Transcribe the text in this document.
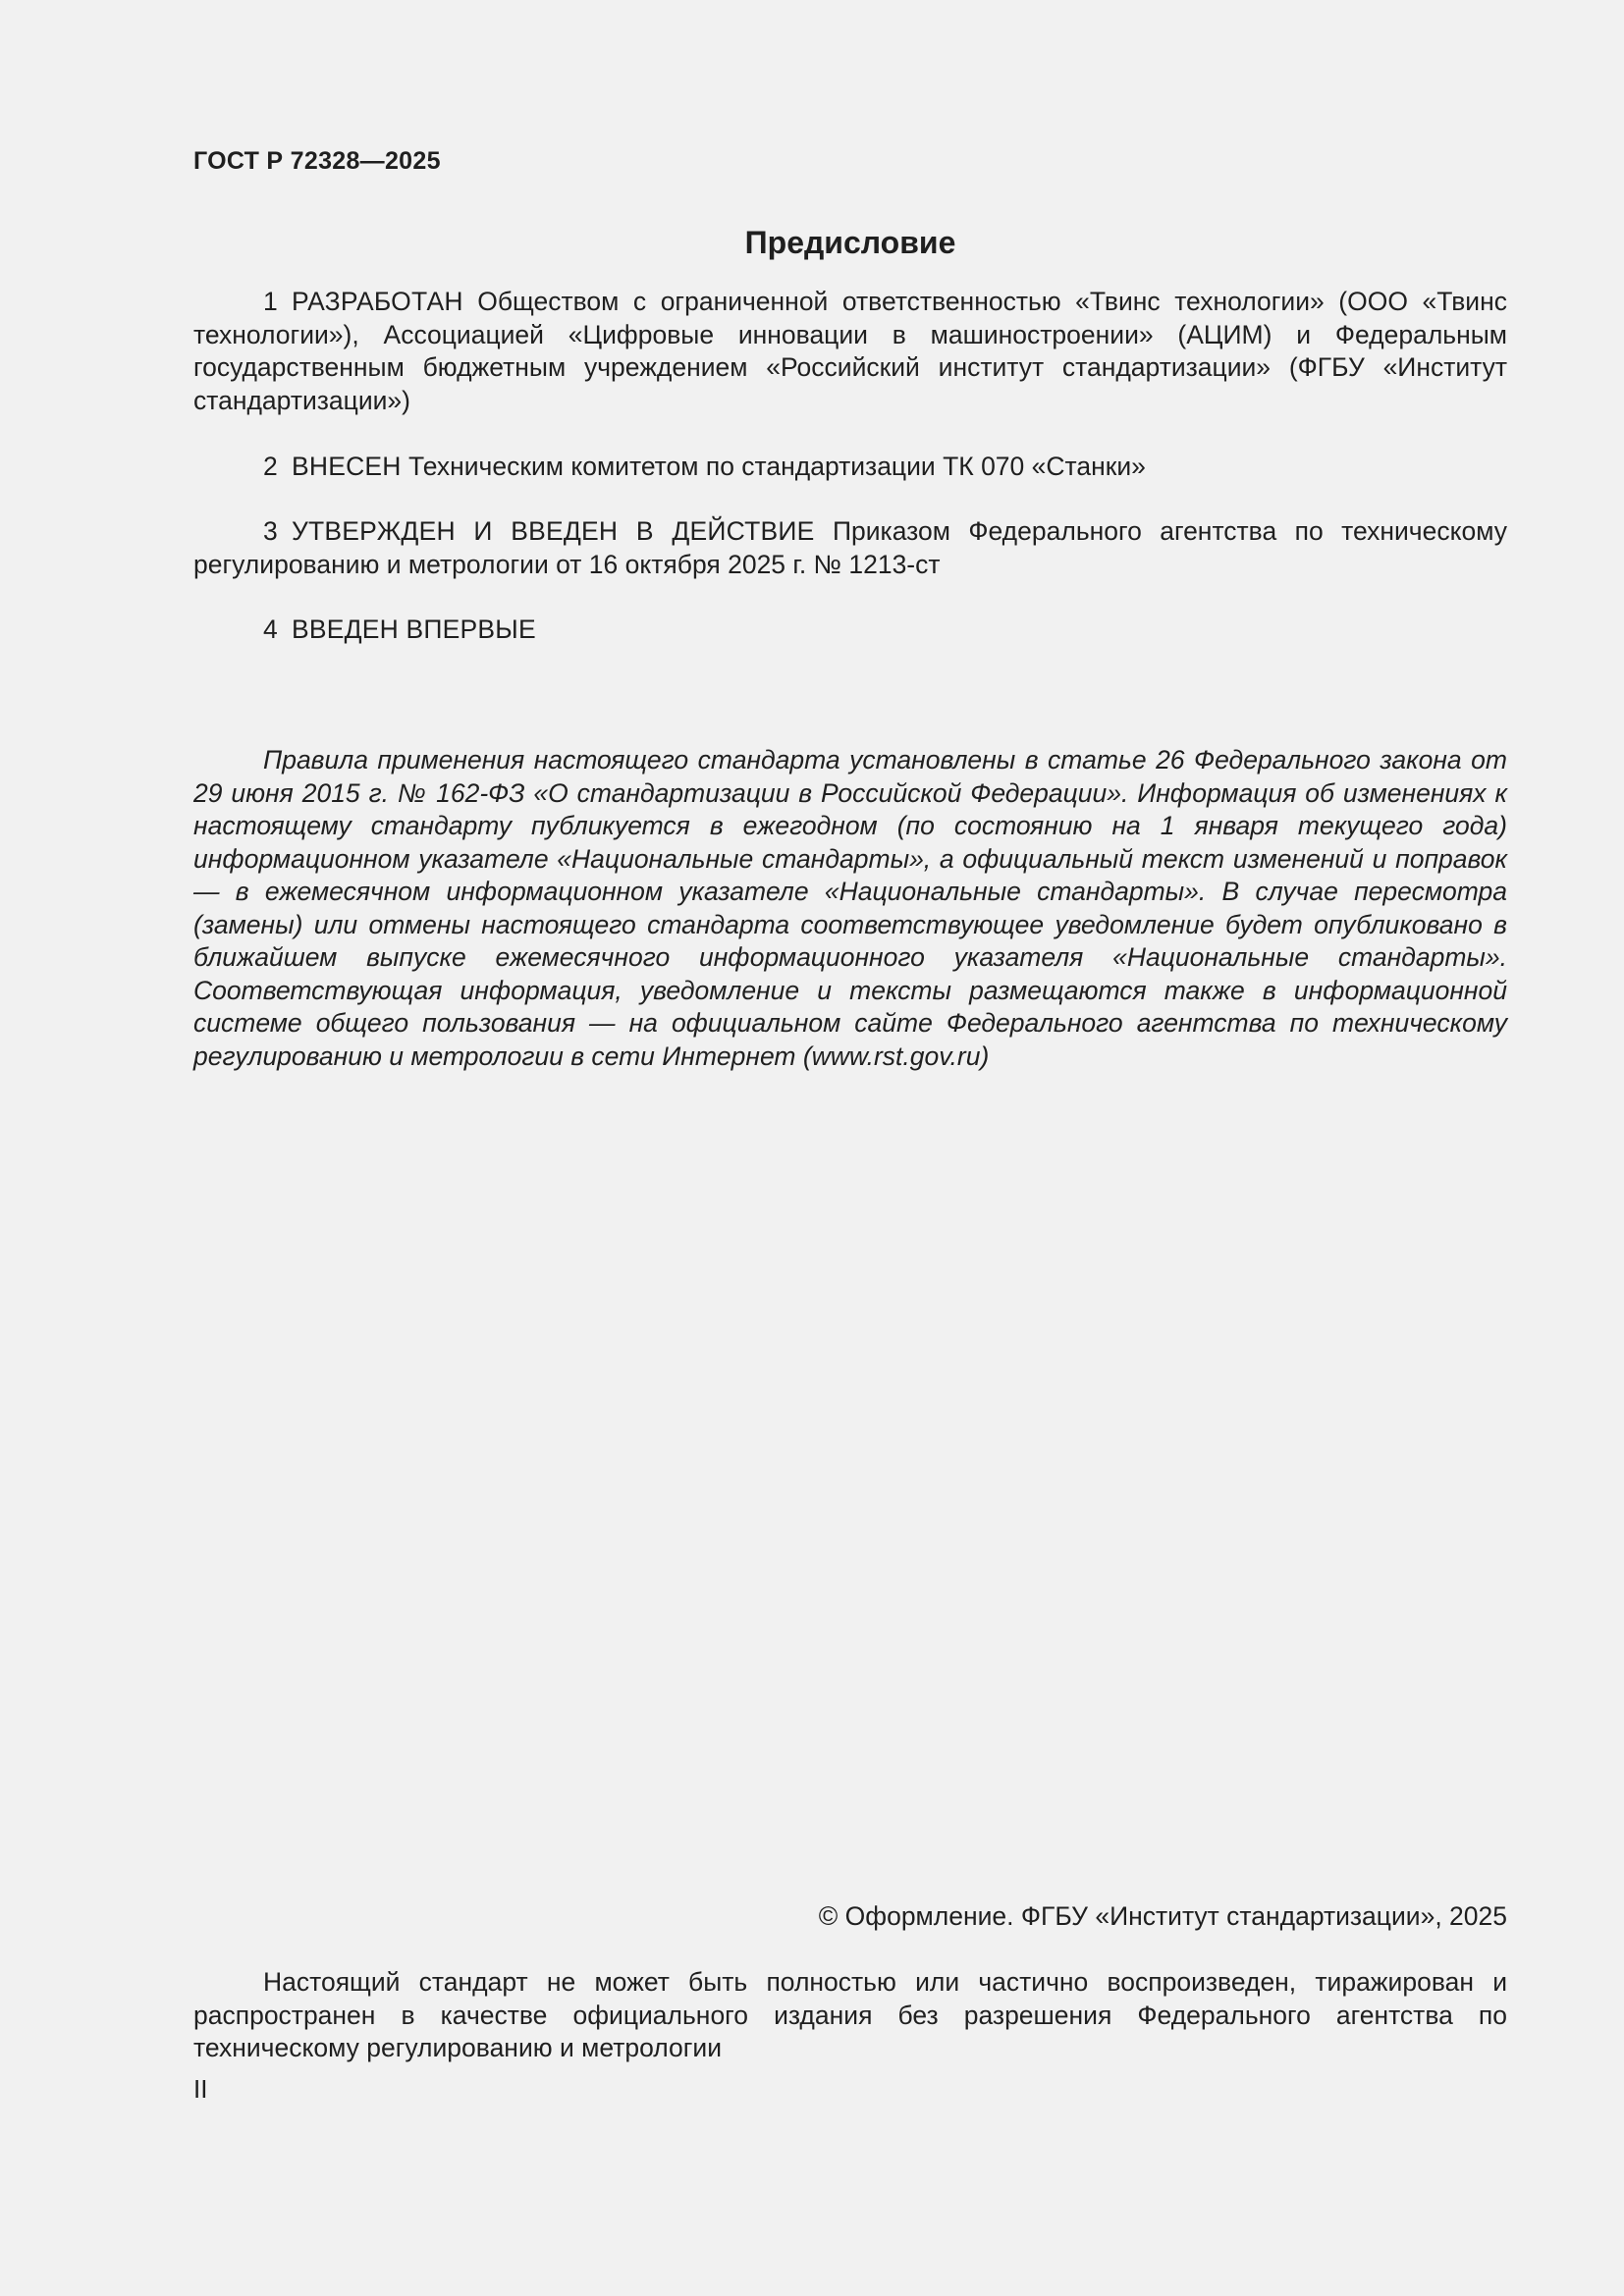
ГОСТ Р 72328—2025
Предисловие

1 РАЗРАБОТАН Обществом с ограниченной ответственностью «Твинс технологии» (ООО «Твинс технологии»), Ассоциацией «Цифровые инновации в машиностроении» (АЦИМ) и Федеральным государственным бюджетным учреждением «Российский институт стандартизации» (ФГБУ «Институт стандартизации»)

2 ВНЕСЕН Техническим комитетом по стандартизации ТК 070 «Станки»

3 УТВЕРЖДЕН И ВВЕДЕН В ДЕЙСТВИЕ Приказом Федерального агентства по техническому регулированию и метрологии от 16 октября 2025 г. № 1213-ст

4 ВВЕДЕН ВПЕРВЫЕ

Правила применения настоящего стандарта установлены в статье 26 Федерального закона от 29 июня 2015 г. № 162-ФЗ «О стандартизации в Российской Федерации». Информация об изменениях к настоящему стандарту публикуется в ежегодном (по состоянию на 1 января текущего года) информационном указателе «Национальные стандарты», а официальный текст изменений и поправок — в ежемесячном информационном указателе «Национальные стандарты». В случае пересмотра (замены) или отмены настоящего стандарта соответствующее уведомление будет опубликовано в ближайшем выпуске ежемесячного информационного указателя «Национальные стандарты». Соответствующая информация, уведомление и тексты размещаются также в информационной системе общего пользования — на официальном сайте Федерального агентства по техническому регулированию и метрологии в сети Интернет (www.rst.gov.ru)

© Оформление. ФГБУ «Институт стандартизации», 2025

Настоящий стандарт не может быть полностью или частично воспроизведен, тиражирован и распространен в качестве официального издания без разрешения Федерального агентства по техническому регулированию и метрологии

II
